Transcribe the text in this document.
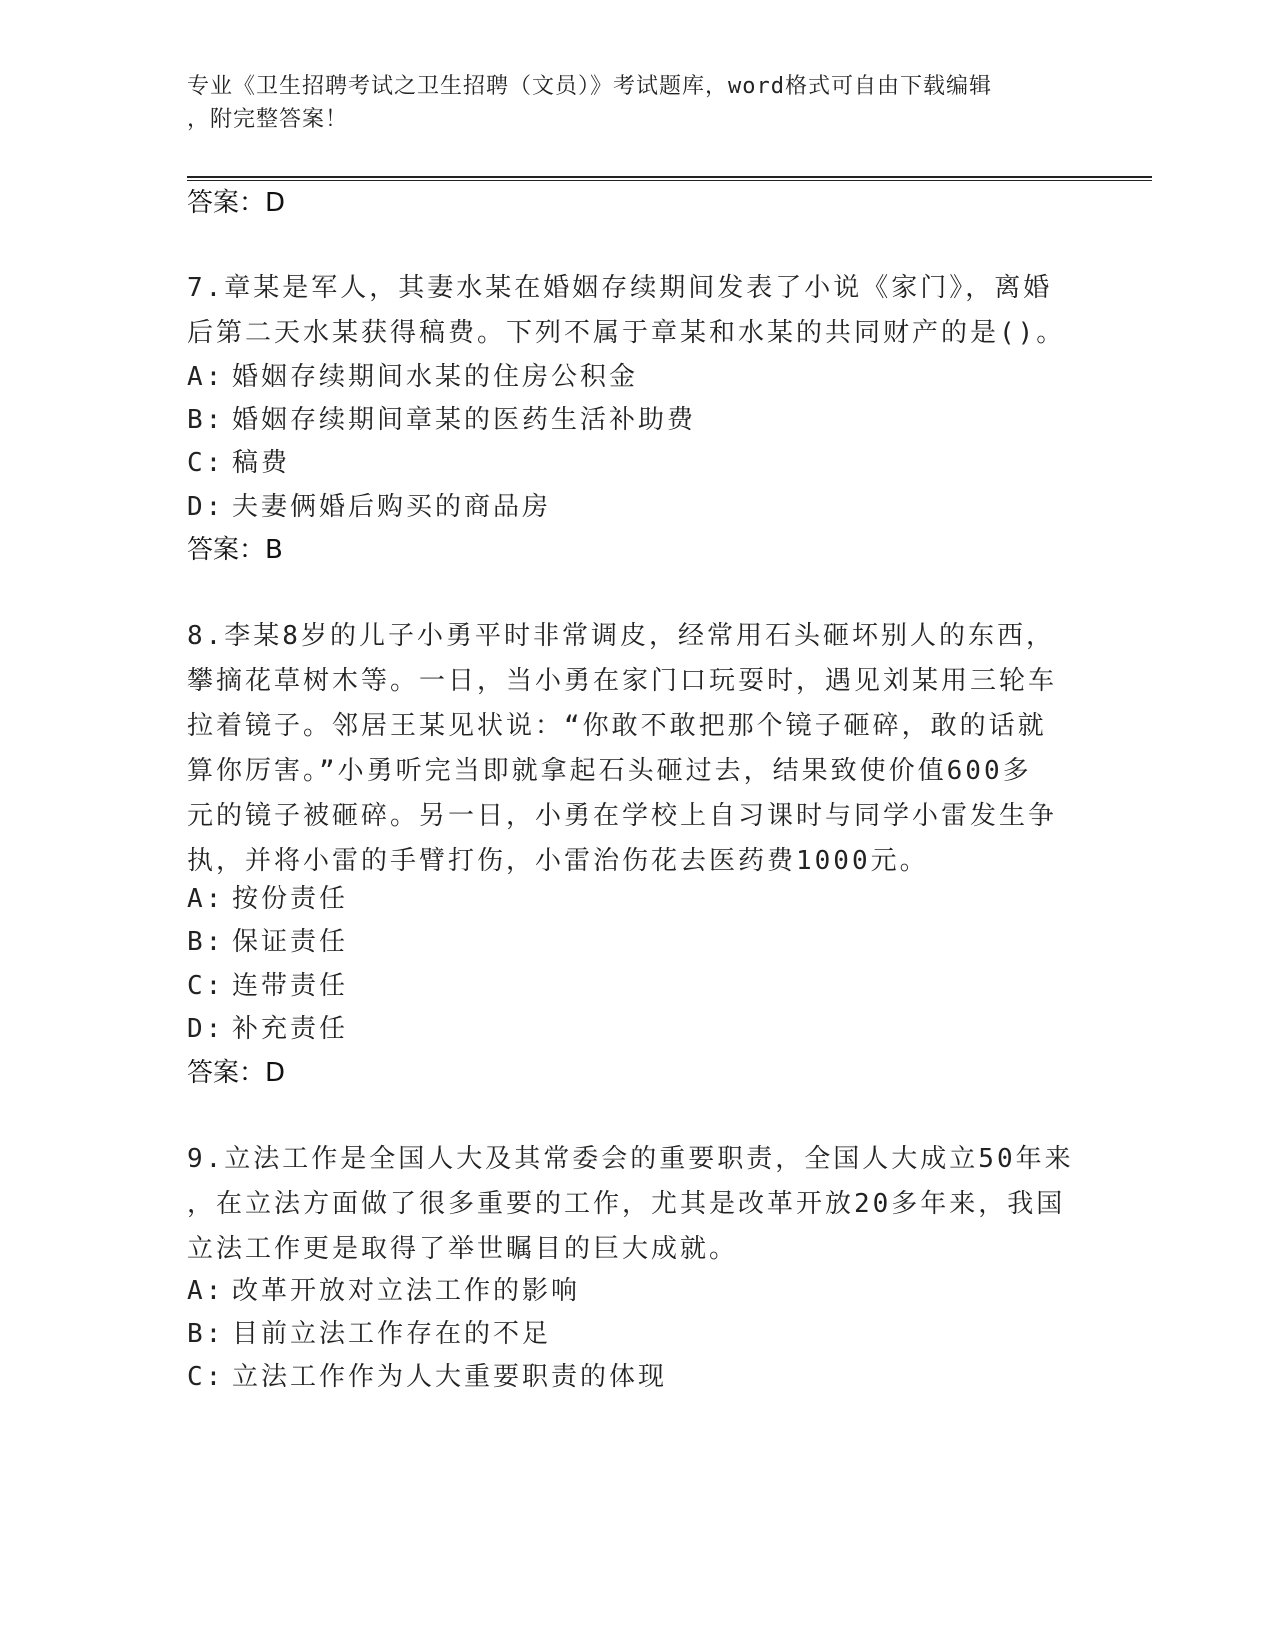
专业《卫生招聘考试之卫生招聘（文员）》考试题库，word格式可自由下载编辑
，附完整答案！
答案：D
7.章某是军人，其妻水某在婚姻存续期间发表了小说《家门》，离婚
后第二天水某获得稿费。下列不属于章某和水某的共同财产的是()。
A: 婚姻存续期间水某的住房公积金
B: 婚姻存续期间章某的医药生活补助费
C: 稿费
D: 夫妻俩婚后购买的商品房
答案：B
8.李某8岁的儿子小勇平时非常调皮，经常用石头砸坏别人的东西，
攀摘花草树木等。一日，当小勇在家门口玩耍时，遇见刘某用三轮车
拉着镜子。邻居王某见状说：“你敢不敢把那个镜子砸碎，敢的话就
算你厉害。”小勇听完当即就拿起石头砸过去，结果致使价值600多
元的镜子被砸碎。另一日，小勇在学校上自习课时与同学小雷发生争
执，并将小雷的手臂打伤，小雷治伤花去医药费1000元。
A: 按份责任
B: 保证责任
C: 连带责任
D: 补充责任
答案：D
9.立法工作是全国人大及其常委会的重要职责，全国人大成立50年来
，在立法方面做了很多重要的工作，尤其是改革开放20多年来，我国
立法工作更是取得了举世瞩目的巨大成就。
A: 改革开放对立法工作的影响
B: 目前立法工作存在的不足
C: 立法工作作为人大重要职责的体现
